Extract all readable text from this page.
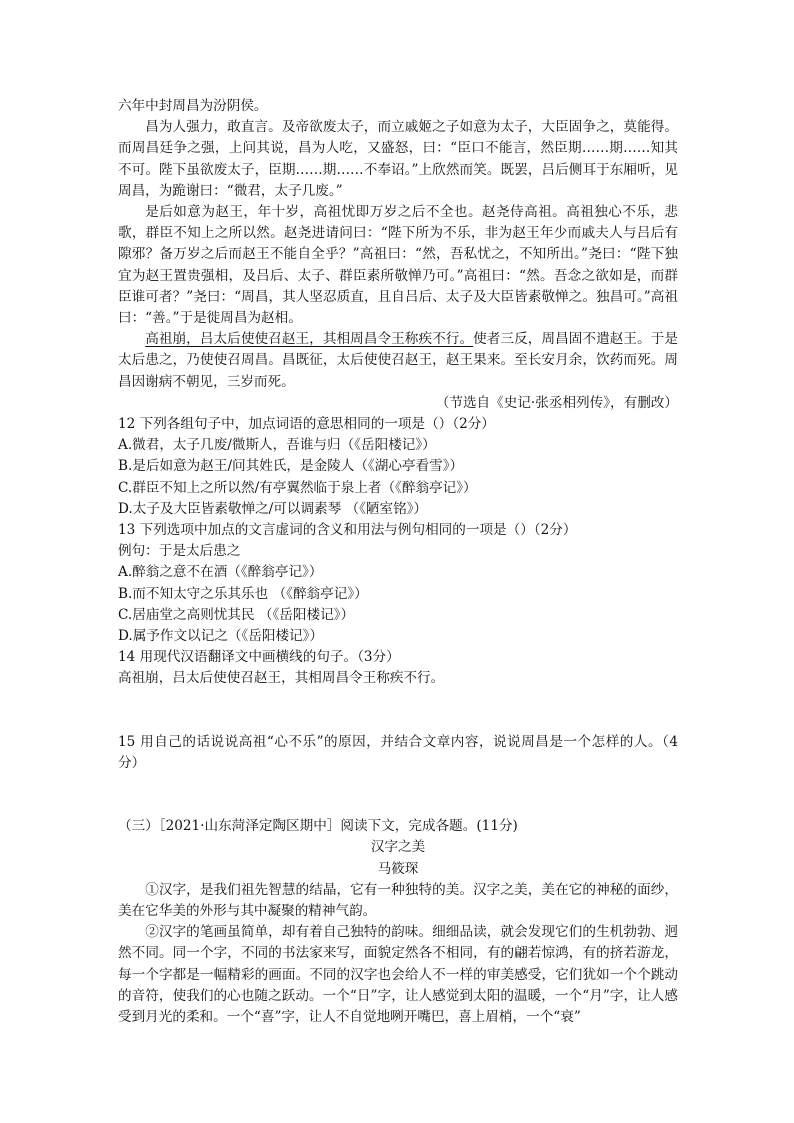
六年中封周昌为汾阴侯。

昌为人强力，敢直言。及帝欲废太子，而立戚姬之子如意为太子，大臣固争之，莫能得。而周昌廷争之强，上问其说，昌为人吃，又盛怒，曰：“臣口不能言，然臣期……期……知其不可。陛下虽欲废太子，臣期……期……不奉诏。”上欣然而笑。既罢，吕后侧耳于东厢听，见周昌，为跪谢曰：“微君，太子几废。”

是后如意为赵王，年十岁，高祖忧即万岁之后不全也。赵尧侍高祖。高祖独心不乐，悲歌，群臣不知上之所以然。赵尧进请问曰：“陛下所为不乐，非为赵王年少而戚夫人与吕后有隙邪？备万岁之后而赵王不能自全乎？”高祖曰：“然，吾私忧之，不知所出。”尧曰：“陛下独宜为赵王置贵强相，及吕后、太子、群臣素所敬惮乃可。”高祖曰：“然。吾念之欲如是，而群臣谁可者？”尧曰：“周昌，其人坚忍质直，且自吕后、太子及大臣皆素敬惮之。独昌可。”高祖曰：“善。”于是徙周昌为赵相。

高祖崩，吕太后使使召赵王，其相周昌令王称疾不行。使者三反，周昌固不遣赵王。于是太后患之，乃使使召周昌。昌既征，太后使使召赵王，赵王果来。至长安月余，饮药而死。周昌因谢病不朝见，三岁而死。

（节选自《史记·张丞相列传》，有删改）

12 下列各组句子中，加点词语的意思相同的一项是（）（2分）

A.微君，太子几废/微斯人，吾谁与归（《岳阳楼记》）

B.是后如意为赵王/问其姓氏，是金陵人（《湖心亭看雪》）

C.群臣不知上之所以然/有亭翼然临于泉上者（《醉翁亭记》）

D.太子及大臣皆素敬惮之/可以调素琴 （《陋室铭》）

13 下列选项中加点的文言虚词的含义和用法与例句相同的一项是（）（2分）

例句：于是太后患之

A.醉翁之意不在酒（《醉翁亭记》）

B.而不知太守之乐其乐也 （《醉翁亭记》）

C.居庙堂之高则忧其民 （《岳阳楼记》）

D.属予作文以记之（《岳阳楼记》）

14 用现代汉语翻译文中画横线的句子。（3分）

高祖崩，吕太后使使召赵王，其相周昌令王称疾不行。

15 用自己的话说说高祖“心不乐”的原因，并结合文章内容，说说周昌是一个怎样的人。（4分）

（三）［2021·山东菏泽定陶区期中］阅读下文，完成各题。(11分)

汉字之美

马筱琛

①汉字，是我们祖先智慧的结晶，它有一种独特的美。汉字之美，美在它的神秘的面纱，美在它华美的外形与其中凝聚的精神气韵。

②汉字的笔画虽简单，却有着自己独特的韵味。细细品读，就会发现它们的生机勃勃、迥然不同。同一个字，不同的书法家来写，面貌定然各不相同，有的翩若惊鸿，有的挤若游龙，每一个字都是一幅精彩的画面。不同的汉字也会给人不一样的审美感受，它们犹如一个个跳动的音符，使我们的心也随之跃动。一个“日”字，让人感觉到太阳的温暖，一个“月”字，让人感受到月光的柔和。一个“喜”字，让人不自觉地咧开嘴巴，喜上眉梢，一个“衰”
